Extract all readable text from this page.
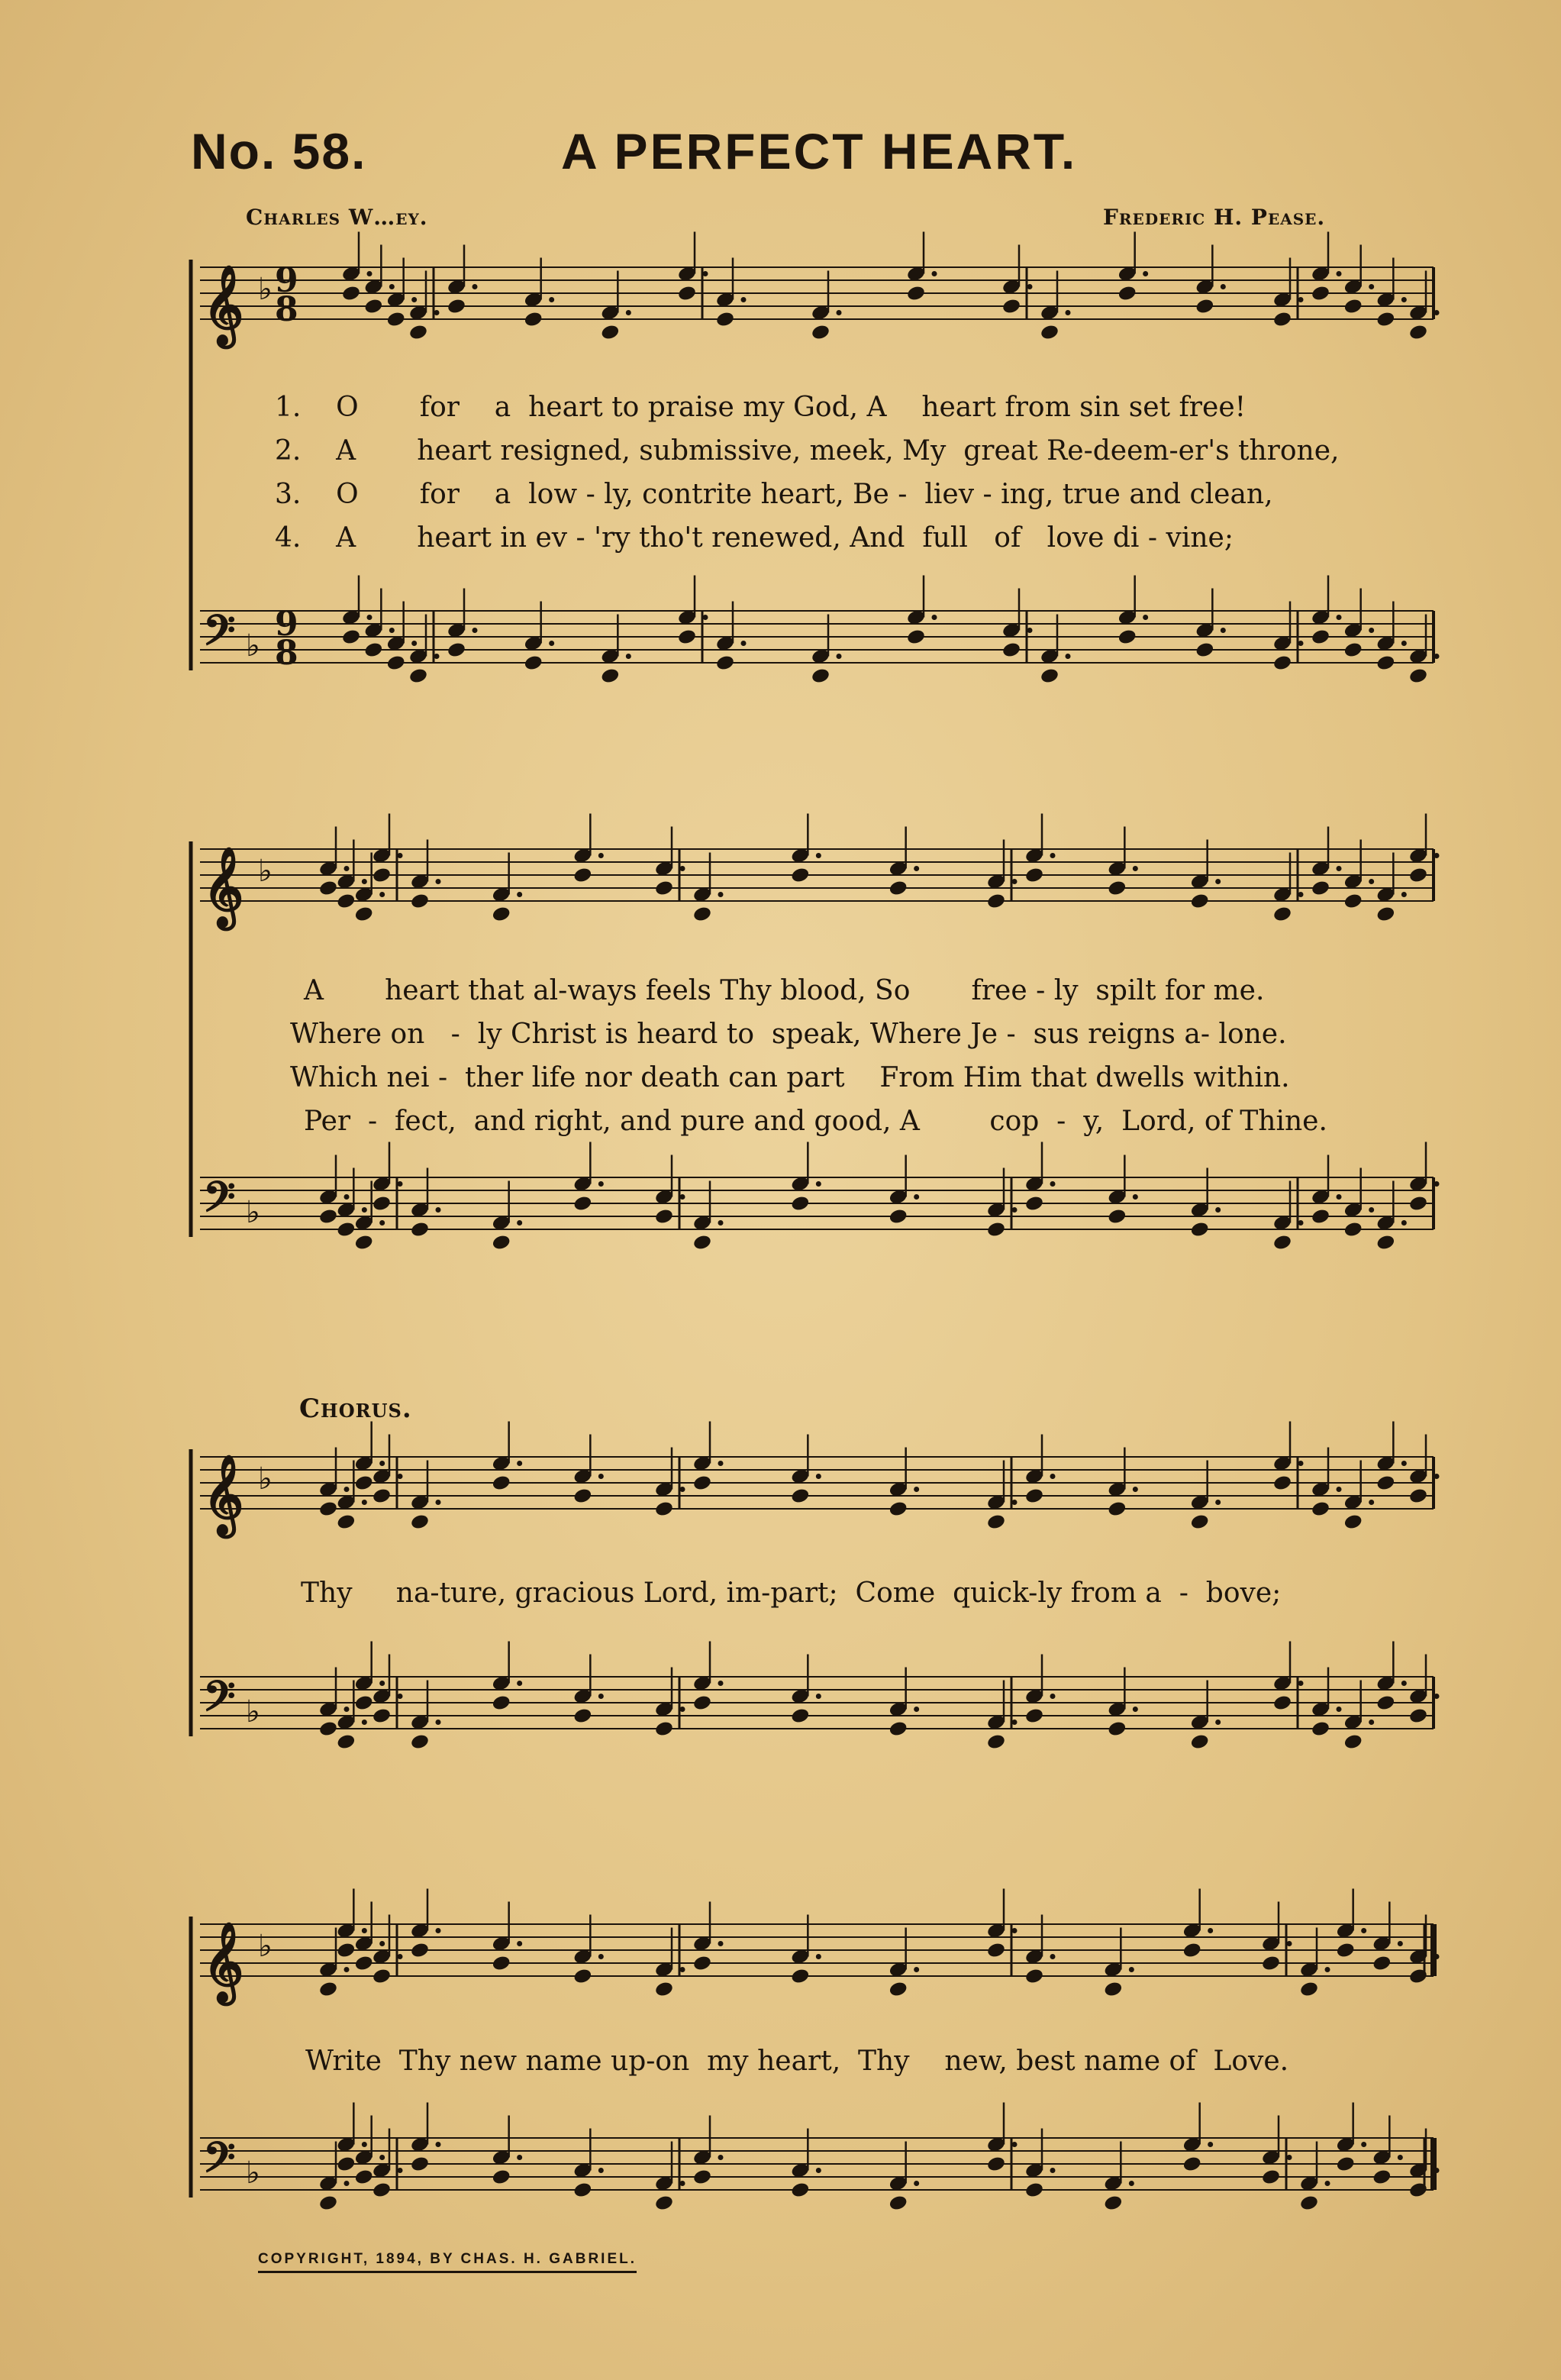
No. 58.	A PERFECT HEART.
Charles W…ey.	Frederic H. Pease.
𝄞 ♭ 9
8
𝄢 ♭
9
8
𝄞 ♭
𝄢 ♭
𝄞 ♭
𝄢 ♭
𝄞 ♭
𝄢 ♭
1. O for a heart to praise my God, A heart from sin set free!
2. A heart resigned, submissive, meek, My great Re-deem-er's throne,
3. O for a low - ly, contrite heart, Be - liev - ing, true and clean,
4. A heart in ev - 'ry tho't renewed, And full of love di - vine;
A       heart that al-ways feels Thy blood, So       free - ly  spilt for me.
Where on   -  ly Christ is heard to  speak, Where Je -  sus reigns a- lone.
Which nei -  ther life nor death can part    From Him that dwells within.
Per  -  fect,  and right, and pure and good, A        cop  -  y,  Lord, of Thine.
Chorus.
Thy     na-ture, gracious Lord, im-part;  Come  quick-ly from a  -  bove;
Write  Thy new name up-on  my heart,  Thy    new, best name of  Love.
COPYRIGHT, 1894, BY CHAS. H. GABRIEL.
